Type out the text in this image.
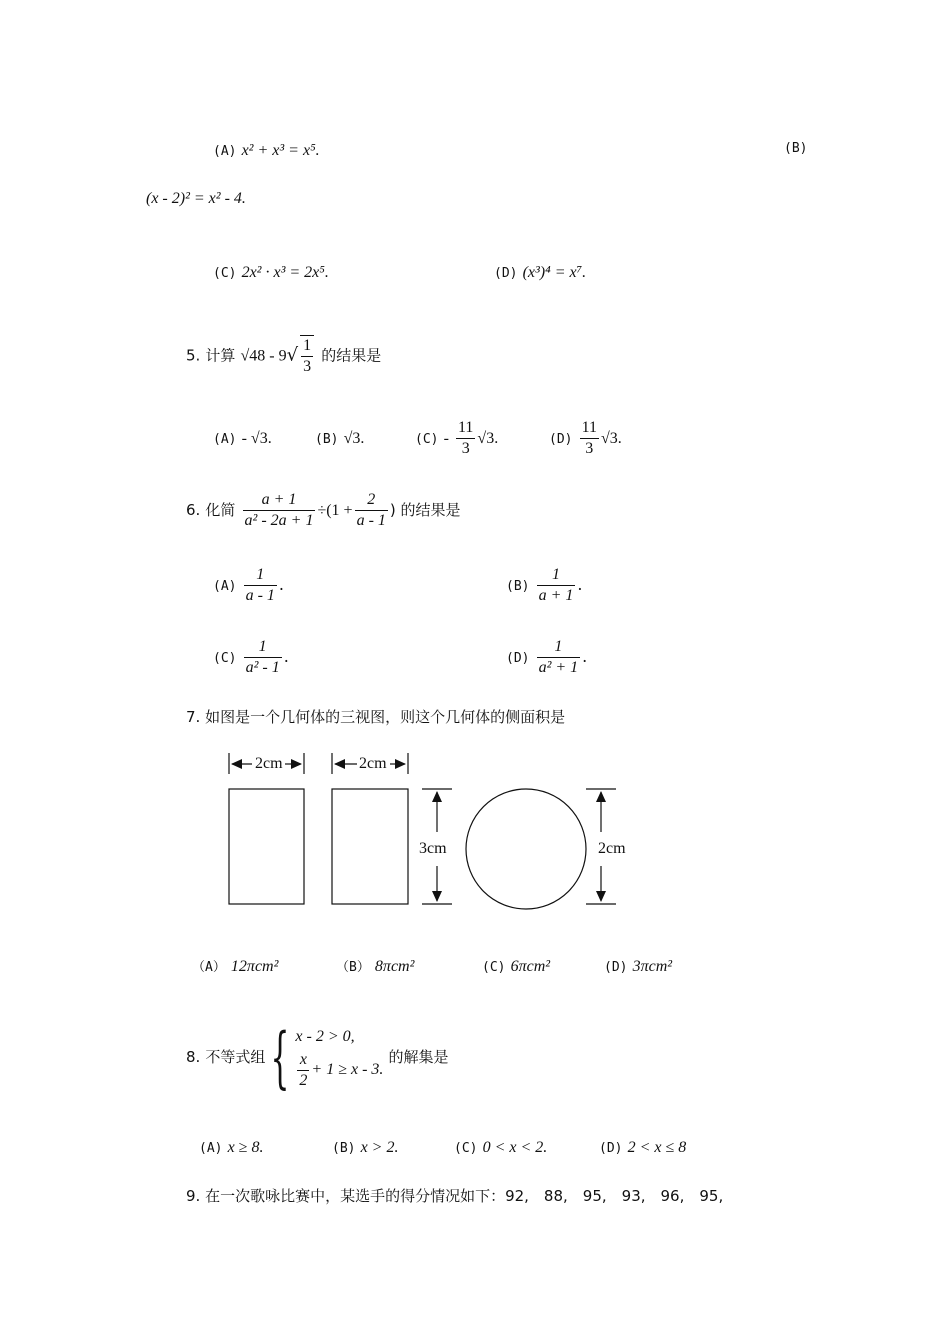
(A) x² + x³ = x⁵.	(B)
(x - 2)² = x² - 4.
(C) 2x² · x³ = 2x⁵.	(D) (x³)⁴ = x⁷.
5. 计算 $√48 - 9√ \frac{1}{3}$ 的结果是
(A) - √3.	(B) √3.	$(C) - \frac{11}{3} √3$.	$(D) \frac{11}{3} √3$.
6. 化简 $\frac{a + 1}{\text{a² - 2a + 1}} \div(1 + \frac{2}{a - 1}$ ) 的结果是
$(A) \frac{1}{a - 1}$ .	$(B) \frac{1}{a + 1}$ .
$(C) \frac{1}{\text{a² - 1}}$ .	$(D) \frac{1}{\text{a² + 1}}$ .
7. 如图是一个几何体的三视图，则这个几何体的侧面积是
2cm	2cm
3cm	2cm
（A） 12πcm²	（B） 8πcm²	(C) 6πcm²	(D) 3πcm²
8. 不等式组{ x - 2 > 0,
$\frac{x}{2} + 1 \ge x - 3$.
的解集是
(A) x ≥ 8.	(B) x > 2.	(C) 0 < x < 2.	(D) 2 < x ≤ 8
9. 在一次歌咏比赛中，某选手的得分情况如下：92,　88,　95,　93,　96,　95,
